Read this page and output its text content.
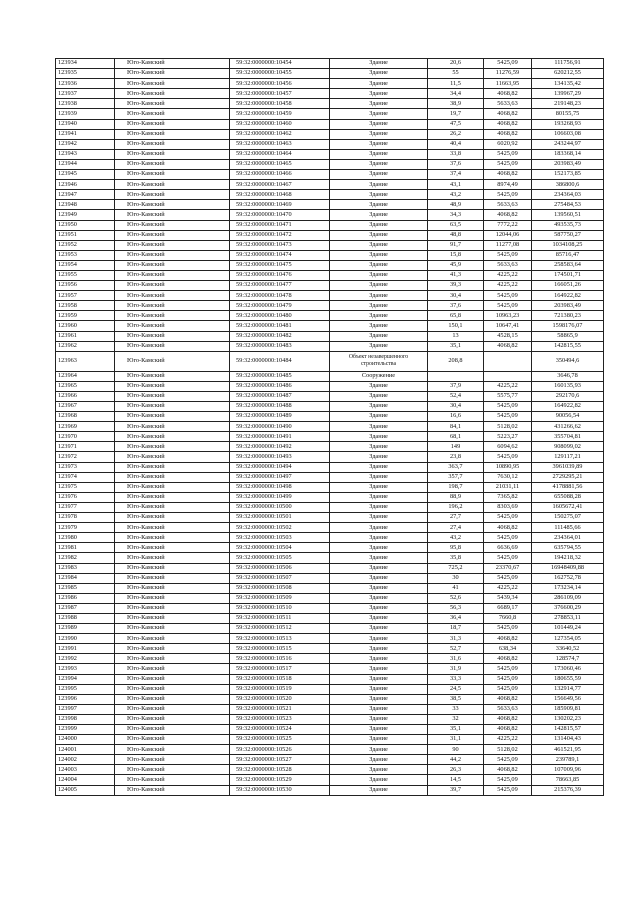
123934	Юго-Камский	59:32:0000000:10454	Здание	20,6	5425,09	111756,91
123935	Юго-Камский	59:32:0000000:10455	Здание	55	11276,59	620212,55
123936	Юго-Камский	59:32:0000000:10456	Здание	11,5	11663,95	134135,42
123937	Юго-Камский	59:32:0000000:10457	Здание	34,4	4068,82	139967,29
123938	Юго-Камский	59:32:0000000:10458	Здание	38,9	5633,63	219148,23
123939	Юго-Камский	59:32:0000000:10459	Здание	19,7	4068,82	80155,75
123940	Юго-Камский	59:32:0000000:10460	Здание	47,5	4068,82	193268,93
123941	Юго-Камский	59:32:0000000:10462	Здание	26,2	4068,82	106603,08
123942	Юго-Камский	59:32:0000000:10463	Здание	40,4	6020,92	243244,97
123943	Юго-Камский	59:32:0000000:10464	Здание	33,8	5425,09	183368,14
123944	Юго-Камский	59:32:0000000:10465	Здание	37,6	5425,09	203983,49
123945	Юго-Камский	59:32:0000000:10466	Здание	37,4	4068,82	152173,85
123946	Юго-Камский	59:32:0000000:10467	Здание	43,1	8974,49	386800,6
123947	Юго-Камский	59:32:0000000:10468	Здание	43,2	5425,09	234364,03
123948	Юго-Камский	59:32:0000000:10469	Здание	48,9	5633,63	275484,53
123949	Юго-Камский	59:32:0000000:10470	Здание	34,3	4068,82	139560,51
123950	Юго-Камский	59:32:0000000:10471	Здание	63,5	7772,22	493535,73
123951	Юго-Камский	59:32:0000000:10472	Здание	48,8	12044,06	587750,27
123952	Юго-Камский	59:32:0000000:10473	Здание	91,7	11277,08	1034108,25
123953	Юго-Камский	59:32:0000000:10474	Здание	15,8	5425,09	85716,47
123954	Юго-Камский	59:32:0000000:10475	Здание	45,9	5633,63	258583,64
123955	Юго-Камский	59:32:0000000:10476	Здание	41,3	4225,22	174501,71
123956	Юго-Камский	59:32:0000000:10477	Здание	39,3	4225,22	166051,26
123957	Юго-Камский	59:32:0000000:10478	Здание	30,4	5425,09	164922,82
123958	Юго-Камский	59:32:0000000:10479	Здание	37,6	5425,09	203983,49
123959	Юго-Камский	59:32:0000000:10480	Здание	65,8	10963,23	721380,23
123960	Юго-Камский	59:32:0000000:10481	Здание	150,1	10647,41	1598176,07
123961	Юго-Камский	59:32:0000000:10482	Здание	13	4528,15	58865,9
123962	Юго-Камский	59:32:0000000:10483	Здание	35,1	4068,82	142815,55
123963	Юго-Камский	59:32:0000000:10484	Объект незавершенного строительства	208,8		350494,6
123964	Юго-Камский	59:32:0000000:10485	Сооружение			3646,78
123965	Юго-Камский	59:32:0000000:10486	Здание	37,9	4225,22	160135,93
123966	Юго-Камский	59:32:0000000:10487	Здание	52,4	5575,77	292170,6
123967	Юго-Камский	59:32:0000000:10488	Здание	30,4	5425,09	164922,82
123968	Юго-Камский	59:32:0000000:10489	Здание	16,6	5425,09	90056,54
123969	Юго-Камский	59:32:0000000:10490	Здание	84,1	5128,02	431266,62
123970	Юго-Камский	59:32:0000000:10491	Здание	68,1	5223,27	355704,81
123971	Юго-Камский	59:32:0000000:10492	Здание	149	6094,62	908099,02
123972	Юго-Камский	59:32:0000000:10493	Здание	23,8	5425,09	129117,21
123973	Юго-Камский	59:32:0000000:10494	Здание	363,7	10890,95	3961039,89
123974	Юго-Камский	59:32:0000000:10497	Здание	357,7	7630,12	2729295,21
123975	Юго-Камский	59:32:0000000:10498	Здание	198,7	21031,11	4178881,56
123976	Юго-Камский	59:32:0000000:10499	Здание	88,9	7365,82	655088,28
123977	Юго-Камский	59:32:0000000:10500	Здание	196,2	8303,69	1605672,41
123978	Юго-Камский	59:32:0000000:10501	Здание	27,7	5425,09	150275,07
123979	Юго-Камский	59:32:0000000:10502	Здание	27,4	4068,82	111485,66
123980	Юго-Камский	59:32:0000000:10503	Здание	43,2	5425,09	234364,01
123981	Юго-Камский	59:32:0000000:10504	Здание	95,8	6636,69	635794,55
123982	Юго-Камский	59:32:0000000:10505	Здание	35,8	5425,09	194218,32
123983	Юго-Камский	59:32:0000000:10506	Здание	725,2	23370,67	16948409,88
123984	Юго-Камский	59:32:0000000:10507	Здание	30	5425,09	162752,78
123985	Юго-Камский	59:32:0000000:10508	Здание	41	4225,22	173234,14
123986	Юго-Камский	59:32:0000000:10509	Здание	52,6	5439,34	286109,09
123987	Юго-Камский	59:32:0000000:10510	Здание	56,3	6689,17	376600,29
123988	Юго-Камский	59:32:0000000:10511	Здание	36,4	7660,8	278853,11
123989	Юго-Камский	59:32:0000000:10512	Здание	18,7	5425,09	101449,24
123990	Юго-Камский	59:32:0000000:10513	Здание	31,3	4068,82	127354,05
123991	Юго-Камский	59:32:0000000:10515	Здание	52,7	638,34	33640,52
123992	Юго-Камский	59:32:0000000:10516	Здание	31,6	4068,82	128574,7
123993	Юго-Камский	59:32:0000000:10517	Здание	31,9	5425,09	173060,46
123994	Юго-Камский	59:32:0000000:10518	Здание	33,3	5425,09	180655,59
123995	Юго-Камский	59:32:0000000:10519	Здание	24,5	5425,09	132914,77
123996	Юго-Камский	59:32:0000000:10520	Здание	38,5	4068,82	156649,56
123997	Юго-Камский	59:32:0000000:10521	Здание	33	5633,63	185909,81
123998	Юго-Камский	59:32:0000000:10523	Здание	32	4068,82	130202,23
123999	Юго-Камский	59:32:0000000:10524	Здание	35,1	4068,82	142815,57
124000	Юго-Камский	59:32:0000000:10525	Здание	31,1	4225,22	131404,43
124001	Юго-Камский	59:32:0000000:10526	Здание	90	5128,02	461521,95
124002	Юго-Камский	59:32:0000000:10527	Здание	44,2	5425,09	239789,1
124003	Юго-Камский	59:32:0000000:10528	Здание	26,3	4068,82	107009,96
124004	Юго-Камский	59:32:0000000:10529	Здание	14,5	5425,09	78663,85
124005	Юго-Камский	59:32:0000000:10530	Здание	39,7	5425,09	215376,39
